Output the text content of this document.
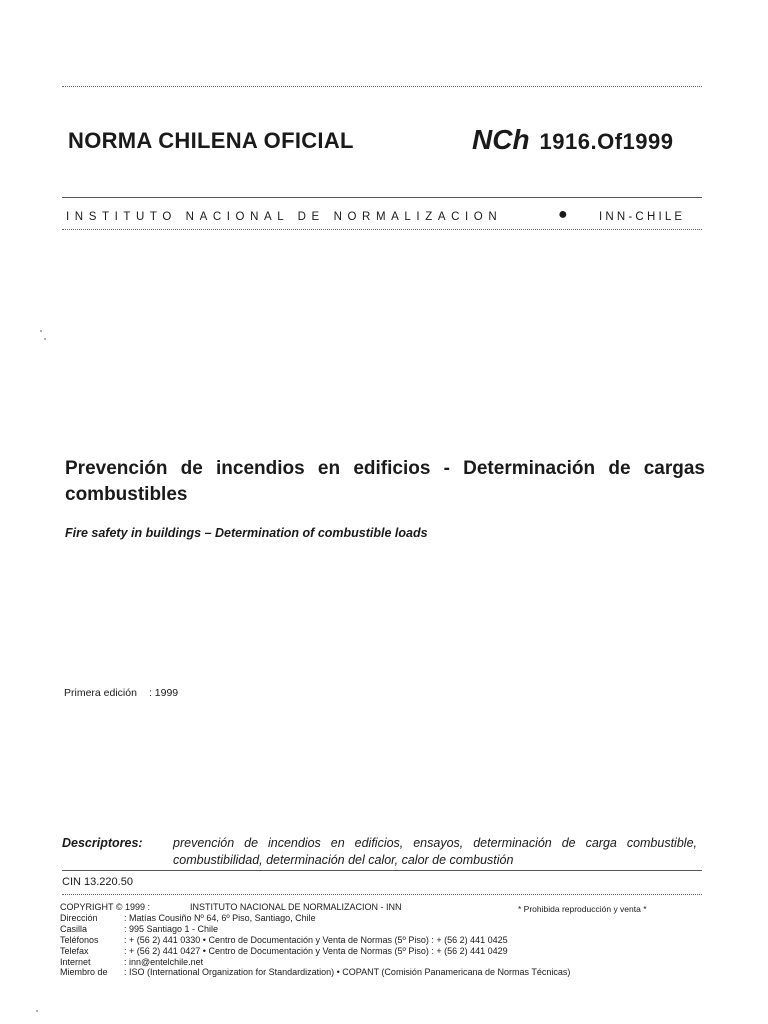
NORMA CHILENA OFICIAL	NCh 1916.Of1999
INSTITUTO NACIONAL DE NORMALIZACION	●	INN-CHILE
Prevención de incendios en edificios - Determinación de cargas combustibles
Fire safety in buildings – Determination of combustible loads
Primera edición : 1999
Descriptores: prevención de incendios en edificios, ensayos, determinación de carga combustible, combustibilidad, determinación del calor, calor de combustión
CIN 13.220.50
COPYRIGHT © 1999 :	INSTITUTO NACIONAL DE NORMALIZACION - INN
Dirección	: Matías Cousiño Nº 64, 6º Piso, Santiago, Chile
Casilla	: 995 Santiago 1 - Chile
Teléfonos	: + (56 2) 441 0330 • Centro de Documentación y Venta de Normas (5º Piso) : + (56 2) 441 0425
Telefax	: + (56 2) 441 0427 • Centro de Documentación y Venta de Normas (5º Piso) : + (56 2) 441 0429
Internet	: inn@entelchile.net
Miembro de	: ISO (International Organization for Standardization) • COPANT (Comisión Panamericana de Normas Técnicas)
* Prohibida reproducción y venta *
